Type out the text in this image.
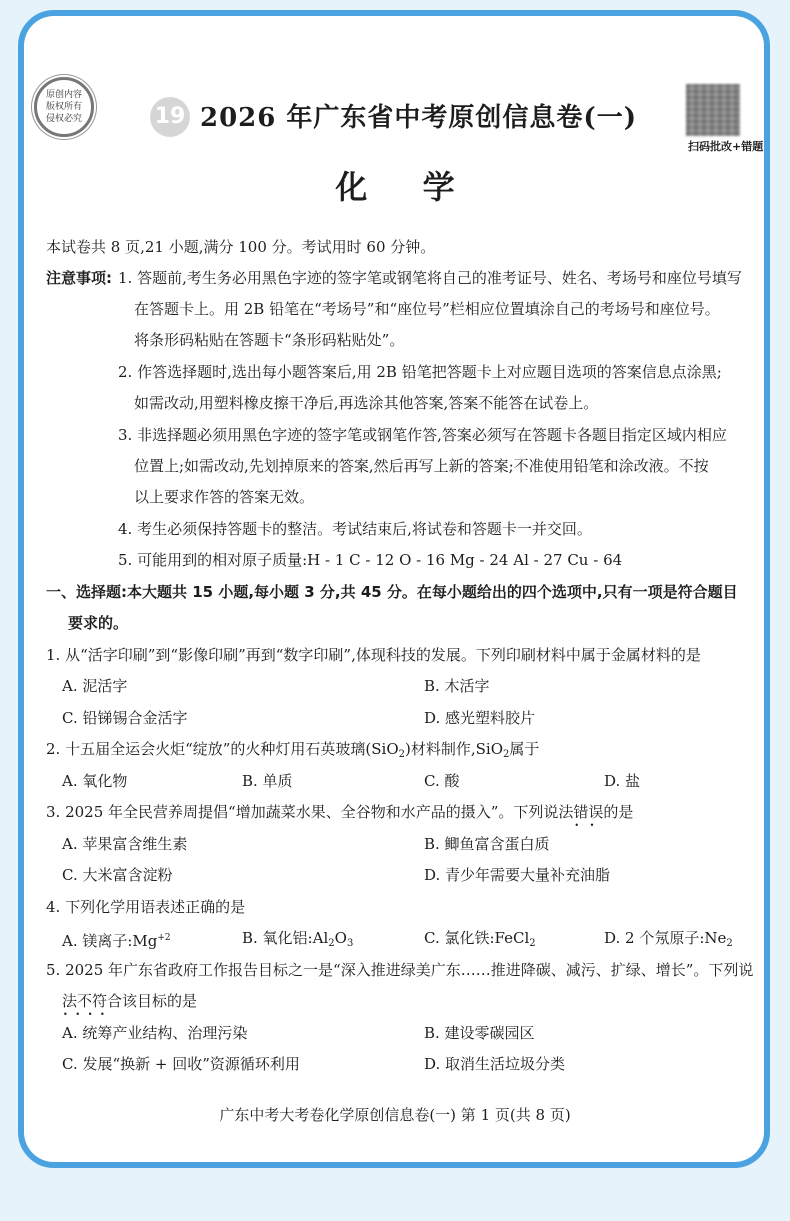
原创内容
版权所有
侵权必究	19 2026 年广东省中考原创信息卷(一)
扫码批改+错题
化 学
本试卷共 8 页,21 小题,满分 100 分。考试用时 60 分钟。
注意事项: 1. 答题前,考生务必用黑色字迹的签字笔或钢笔将自己的准考证号、姓名、考场号和座位号填写
在答题卡上。用 2B 铅笔在“考场号”和“座位号”栏相应位置填涂自己的考场号和座位号。
将条形码粘贴在答题卡“条形码粘贴处”。
2. 作答选择题时,选出每小题答案后,用 2B 铅笔把答题卡上对应题目选项的答案信息点涂黑;
如需改动,用塑料橡皮擦干净后,再选涂其他答案,答案不能答在试卷上。
3. 非选择题必须用黑色字迹的签字笔或钢笔作答,答案必须写在答题卡各题目指定区域内相应
位置上;如需改动,先划掉原来的答案,然后再写上新的答案;不准使用铅笔和涂改液。不按
以上要求作答的答案无效。
4. 考生必须保持答题卡的整洁。考试结束后,将试卷和答题卡一并交回。
5. 可能用到的相对原子质量:H - 1 C - 12 O - 16 Mg - 24 Al - 27 Cu - 64
一、选择题:本大题共 15 小题,每小题 3 分,共 45 分。在每小题给出的四个选项中,只有一项是符合题目
要求的。
1. 从“活字印刷”到“影像印刷”再到“数字印刷”,体现科技的发展。下列印刷材料中属于金属材料的是
A. 泥活字	B. 木活字
C. 铅锑锡合金活字	D. 感光塑料胶片
2. 十五届全运会火炬“绽放”的火种灯用石英玻璃(SiO$_2$)材料制作,SiO$_2$属于
A. 氧化物	B. 单质	C. 酸	D. 盐
3. 2025 年全民营养周提倡“增加蔬菜水果、全谷物和水产品的摄入”。下列说法错误 • •的是
A. 苹果富含维生素	B. 鲫鱼富含蛋白质
C. 大米富含淀粉	D. 青少年需要大量补充油脂
4. 下列化学用语表述正确的是
A. 镁离子$:Mg^{+2}$	B. 氧化铝$:Al_2O_3$	C. 氯化铁:FeCl$_2$	D. 2 个氖原子$:Ne_2$
5. 2025 年广东省政府工作报告目标之一是“深入推进绿美广东……推进降碳、减污、扩绿、增长”。下列说
法不符合 •   •该目标的是
A. 统筹产业结构、治理污染	B. 建设零碳园区
C. 发展“换新 + 回收”资源循环利用	D. 取消生活垃圾分类
广东中考大考卷化学原创信息卷(一) 第 1 页(共 8 页)
